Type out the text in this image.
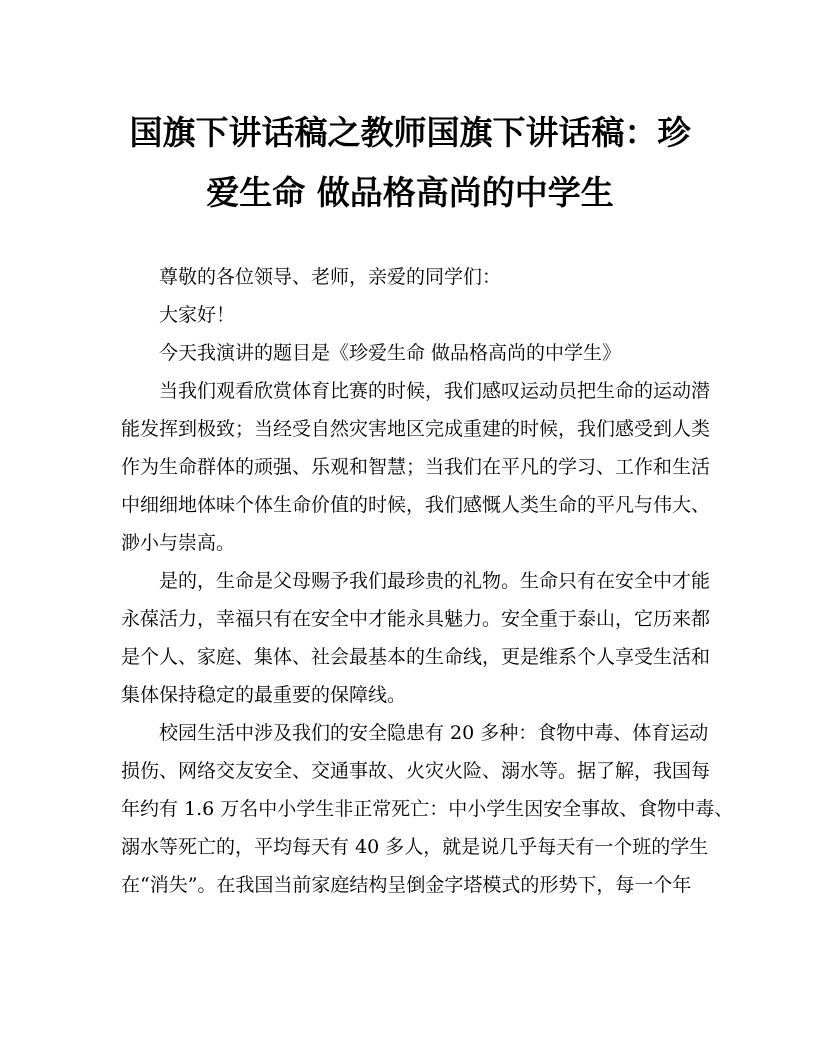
国旗下讲话稿之教师国旗下讲话稿：珍
爱生命 做品格高尚的中学生

尊敬的各位领导、老师，亲爱的同学们：

大家好！

今天我演讲的题目是《珍爱生命 做品格高尚的中学生》

当我们观看欣赏体育比赛的时候，我们感叹运动员把生命的运动潜
能发挥到极致；当经受自然灾害地区完成重建的时候，我们感受到人类
作为生命群体的顽强、乐观和智慧；当我们在平凡的学习、工作和生活
中细细地体味个体生命价值的时候，我们感慨人类生命的平凡与伟大、
渺小与崇高。

是的，生命是父母赐予我们最珍贵的礼物。生命只有在安全中才能
永葆活力，幸福只有在安全中才能永具魅力。安全重于泰山，它历来都
是个人、家庭、集体、社会最基本的生命线，更是维系个人享受生活和
集体保持稳定的最重要的保障线。

校园生活中涉及我们的安全隐患有 20 多种：食物中毒、体育运动
损伤、网络交友安全、交通事故、火灾火险、溺水等。据了解，我国每
年约有 1.6 万名中小学生非正常死亡：中小学生因安全事故、食物中毒、
溺水等死亡的，平均每天有 40 多人，就是说几乎每天有一个班的学生
在“消失”。在我国当前家庭结构呈倒金字塔模式的形势下，每一个年
